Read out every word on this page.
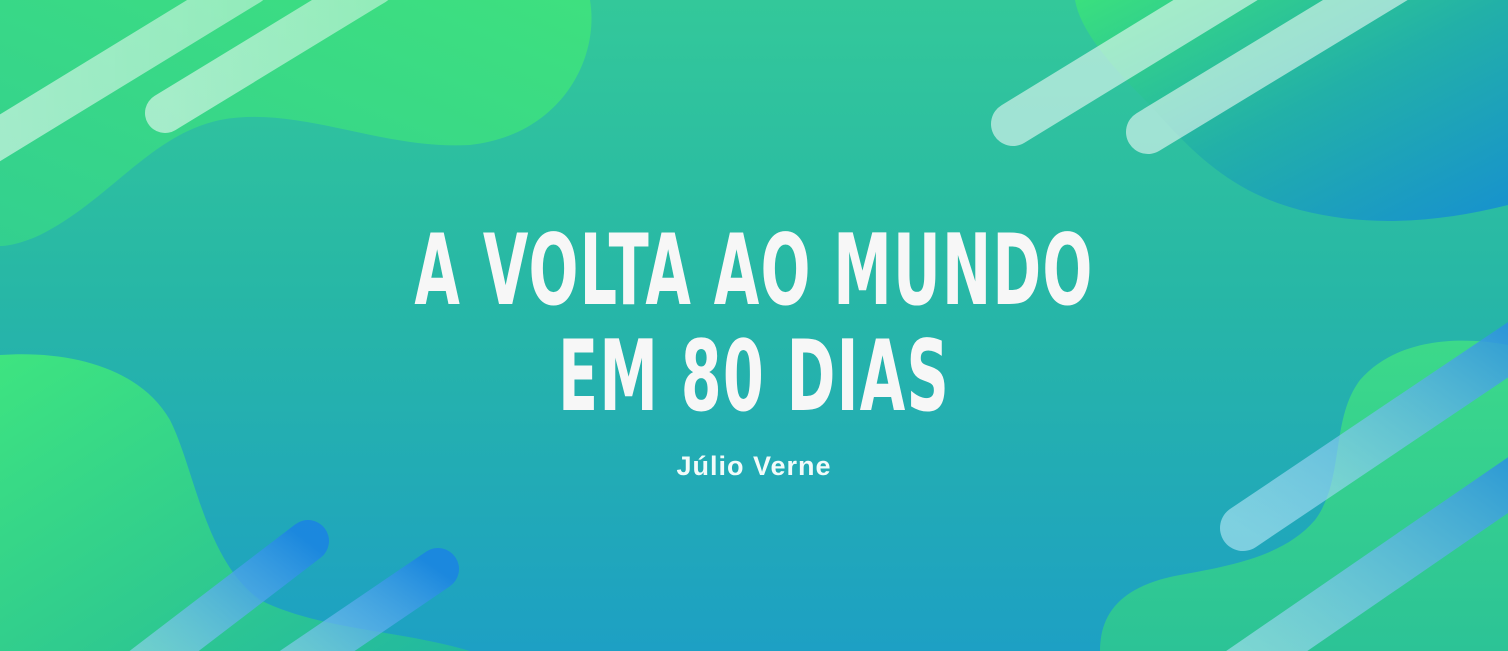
A VOLTA AO MUNDO
EM 80 DIAS
Júlio Verne
